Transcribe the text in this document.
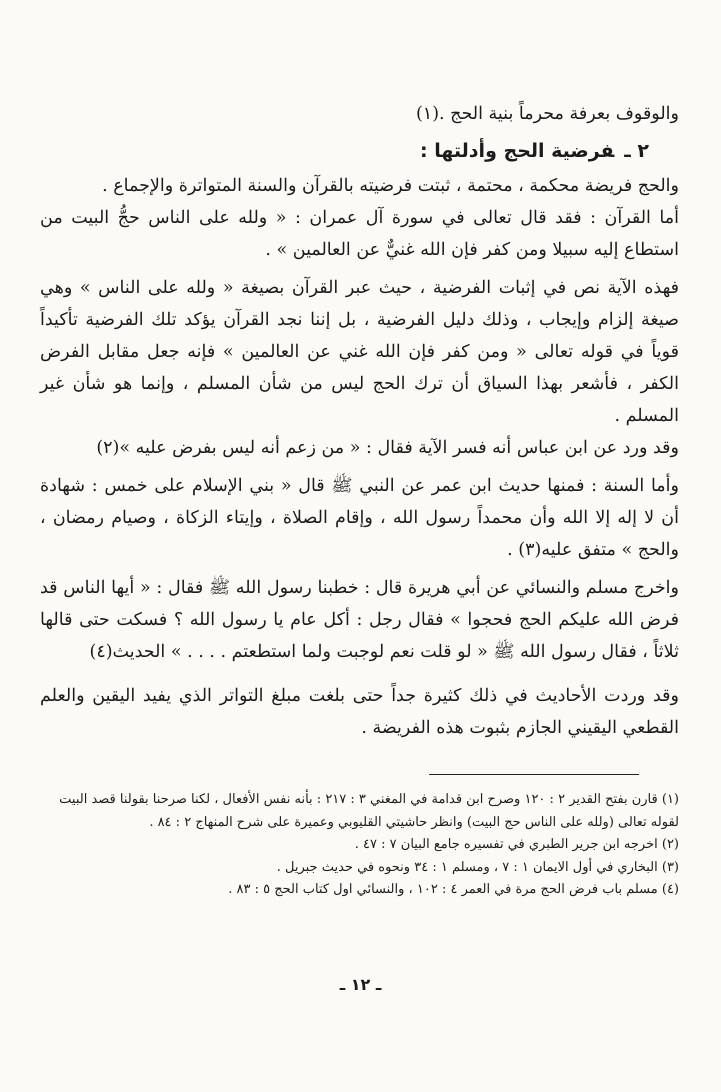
والوقوف بعرفة محرماً بنية الحج .(١)

٢ ـفرضية الحج وأدلتها :

والحج فريضة محكمة ، محتمة ، ثبتت فرضيته بالقرآن والسنة المتواترة والإجماع .

أما القرآن : فقد قال تعالى في سورة آل عمران : « ولله على الناس حجُّ البيت من استطاع إليه سبيلا ومن كفر فإن الله غنيٌّ عن العالمين » .

فهذه الآية نص في إثبات الفرضية ، حيث عبر القرآن بصيغة « ولله على الناس » وهي صيغة إلزام وإيجاب ، وذلك دليل الفرضية ، بل إننا نجد القرآن يؤكد تلك الفرضية تأكيداً قوياً في قوله تعالى « ومن كفر فإن الله غني عن العالمين » فإنه جعل مقابل الفرض الكفر ، فأشعر بهذا السياق أن ترك الحج ليس من شأن المسلم ، وإنما هو شأن غير المسلم .

وقد ورد عن ابن عباس أنه فسر الآية فقال : « من زعم أنه ليس بفرض عليه »(٢)

وأما السنة : فمنها حديث ابن عمر عن النبي ﷺ قال « بني الإسلام على خمس : شهادة أن لا إله إلا الله وأن محمداً رسول الله ، وإقام الصلاة ، وإيتاء الزكاة ، وصيام رمضان ، والحج » متفق عليه(٣) .

واخرج مسلم والنسائي عن أبي هريرة قال : خطبنا رسول الله ﷺ فقال : « أيها الناس قد فرض الله عليكم الحج فحجوا » فقال رجل : أكل عام يا رسول الله ؟ فسكت حتى قالها ثلاثاً ، فقال رسول الله ﷺ « لو قلت نعم لوجبت ولما استطعتم . . . . » الحديث(٤)

وقد وردت الأحاديث في ذلك كثيرة جداً حتى بلغت مبلغ التواتر الذي يفيد اليقين والعلم القطعي اليقيني الجازم بثبوت هذه الفريضة .

(١) قارن بفتح القدير ٢ : ١٢٠ وصرح ابن قدامة في المغني ٣ : ٢١٧ : بأنه نفس الأفعال ، لكنا صرحنا بقولنا قصد البيت لقوله تعالى (ولله على الناس حج البيت) وانظر حاشيتي القليوبي وعميرة على شرح المنهاج ٢ : ٨٤ .

(٢) اخرجه ابن جرير الطبري في تفسيره جامع البيان ٧ : ٤٧ .

(٣) البخاري في أول الايمان ١ : ٧ ، ومسلم ١ : ٣٤ ونحوه في حديث جبريل .

(٤) مسلم باب فرض الحج مرة في العمر ٤ : ١٠٢ ، والنسائي اول كتاب الحج ٥ : ٨٣ .

ـ ١٢ ـ
